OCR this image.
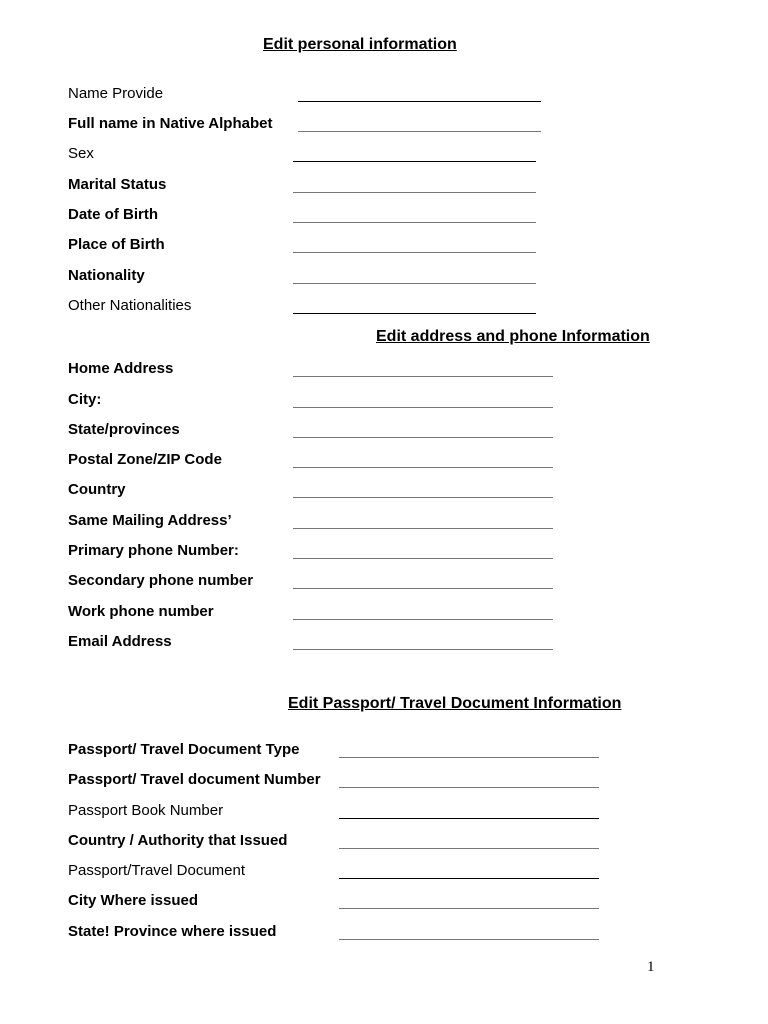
Edit personal information
Name Provide
Full name in Native Alphabet
Sex
Marital Status
Date of Birth
Place of Birth
Nationality
Other Nationalities
Edit address and phone Information
Home Address
City:
State/provinces
Postal Zone/ZIP Code
Country
Same Mailing Address’
Primary phone Number:
Secondary phone number
Work phone number
Email Address
Edit Passport/ Travel Document Information
Passport/ Travel Document Type
Passport/ Travel document Number
Passport Book Number
Country / Authority that Issued
Passport/Travel Document
City Where issued
State! Province where issued
1
